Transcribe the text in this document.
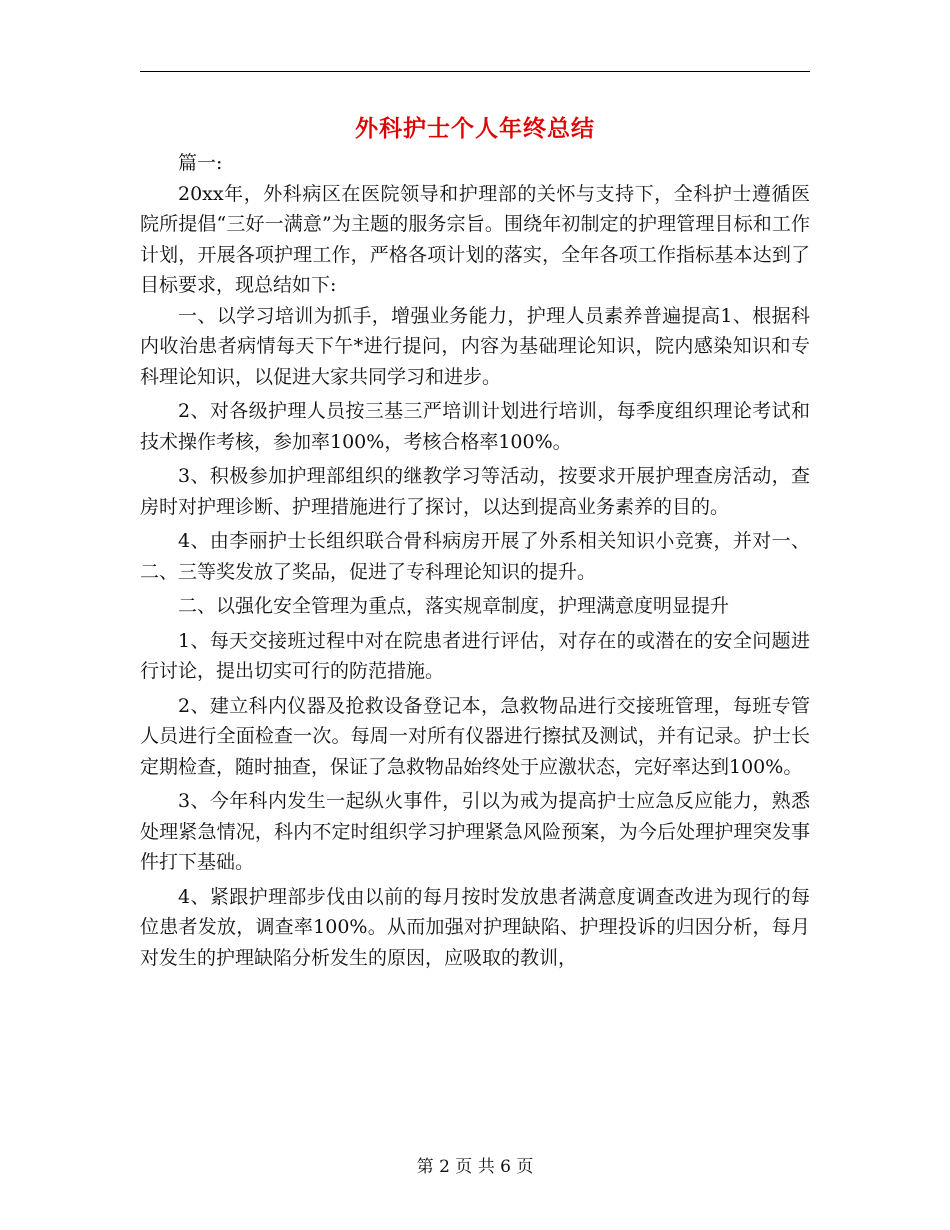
外科护士个人年终总结

篇一:

20xx年，外科病区在医院领导和护理部的关怀与支持下，全科护士遵循医院所提倡“三好一满意”为主题的服务宗旨。围绕年初制定的护理管理目标和工作计划，开展各项护理工作，严格各项计划的落实，全年各项工作指标基本达到了目标要求，现总结如下:

一、以学习培训为抓手，增强业务能力，护理人员素养普遍提高1、根据科内收治患者病情每天下午*进行提问，内容为基础理论知识，院内感染知识和专科理论知识，以促进大家共同学习和进步。

2、对各级护理人员按三基三严培训计划进行培训，每季度组织理论考试和技术操作考核，参加率100%，考核合格率100%。

3、积极参加护理部组织的继教学习等活动，按要求开展护理查房活动，查房时对护理诊断、护理措施进行了探讨，以达到提高业务素养的目的。

4、由李丽护士长组织联合骨科病房开展了外系相关知识小竞赛，并对一、二、三等奖发放了奖品，促进了专科理论知识的提升。

二、以强化安全管理为重点，落实规章制度，护理满意度明显提升

1、每天交接班过程中对在院患者进行评估，对存在的或潜在的安全问题进行讨论，提出切实可行的防范措施。

2、建立科内仪器及抢救设备登记本，急救物品进行交接班管理，每班专管人员进行全面检查一次。每周一对所有仪器进行擦拭及测试，并有记录。护士长定期检查，随时抽查，保证了急救物品始终处于应激状态，完好率达到100%。

3、今年科内发生一起纵火事件，引以为戒为提高护士应急反应能力，熟悉处理紧急情况，科内不定时组织学习护理紧急风险预案，为今后处理护理突发事件打下基础。

4、紧跟护理部步伐由以前的每月按时发放患者满意度调查改进为现行的每位患者发放，调查率100%。从而加强对护理缺陷、护理投诉的归因分析，每月对发生的护理缺陷分析发生的原因，应吸取的教训，

第 2 页 共 6 页
